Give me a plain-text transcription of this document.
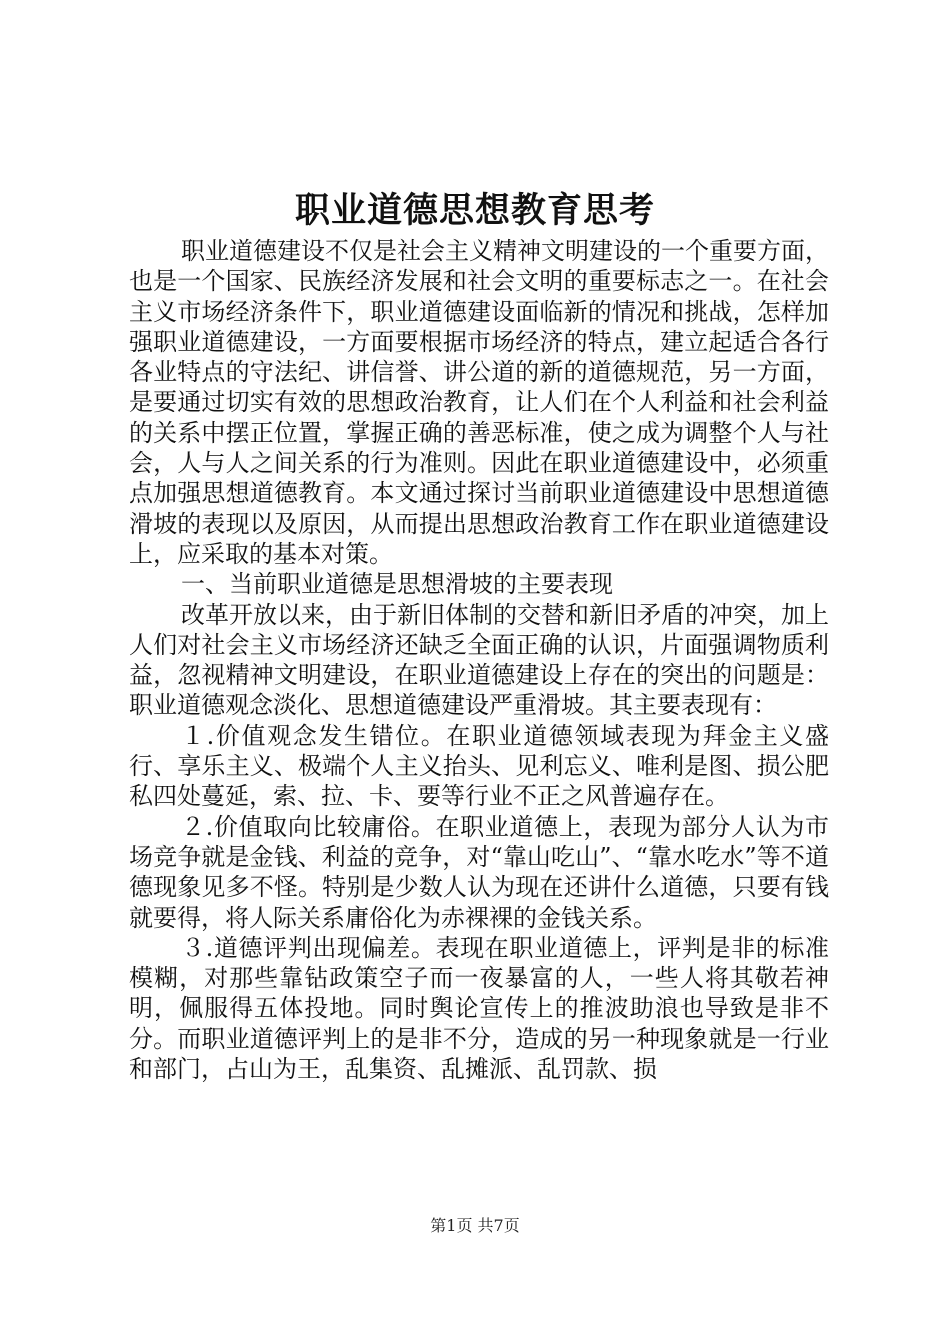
职业道德思想教育思考

职业道德建设不仅是社会主义精神文明建设的一个重要方面，也是一个国家、民族经济发展和社会文明的重要标志之一。在社会主义市场经济条件下，职业道德建设面临新的情况和挑战，怎样加强职业道德建设，一方面要根据市场经济的特点，建立起适合各行各业特点的守法纪、讲信誉、讲公道的新的道德规范，另一方面，是要通过切实有效的思想政治教育，让人们在个人利益和社会利益的关系中摆正位置，掌握正确的善恶标准，使之成为调整个人与社会，人与人之间关系的行为准则。因此在职业道德建设中，必须重点加强思想道德教育。本文通过探讨当前职业道德建设中思想道德滑坡的表现以及原因，从而提出思想政治教育工作在职业道德建设上，应采取的基本对策。

一、当前职业道德是思想滑坡的主要表现

改革开放以来，由于新旧体制的交替和新旧矛盾的冲突，加上人们对社会主义市场经济还缺乏全面正确的认识，片面强调物质利益，忽视精神文明建设，在职业道德建设上存在的突出的问题是：职业道德观念淡化、思想道德建设严重滑坡。其主要表现有：

１.价值观念发生错位。在职业道德领域表现为拜金主义盛行、享乐主义、极端个人主义抬头、见利忘义、唯利是图、损公肥私四处蔓延，索、拉、卡、要等行业不正之风普遍存在。

２.价值取向比较庸俗。在职业道德上，表现为部分人认为市场竞争就是金钱、利益的竞争，对“靠山吃山”、“靠水吃水”等不道德现象见多不怪。特别是少数人认为现在还讲什么道德，只要有钱就要得，将人际关系庸俗化为赤裸裸的金钱关系。

３.道德评判出现偏差。表现在职业道德上，评判是非的标准模糊，对那些靠钻政策空子而一夜暴富的人，一些人将其敬若神明，佩服得五体投地。同时舆论宣传上的推波助浪也导致是非不分。而职业道德评判上的是非不分，造成的另一种现象就是一行业和部门，占山为王，乱集资、乱摊派、乱罚款、损

第1页 共7页
